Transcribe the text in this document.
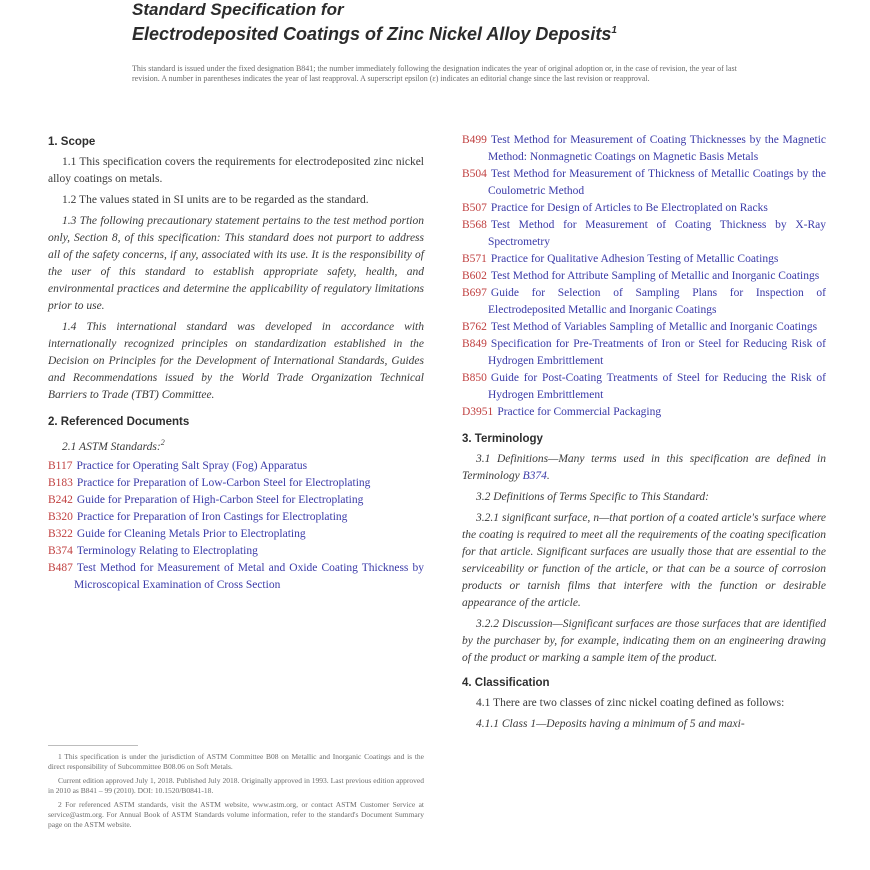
Standard Specification for
Electrodeposited Coatings of Zinc Nickel Alloy Deposits$^1$
This standard is issued under the fixed designation B841; the number immediately following the designation indicates the year of original adoption or, in the case of revision, the year of last revision. A number in parentheses indicates the year of last reapproval. A superscript epsilon (ε) indicates an editorial change since the last revision or reapproval.
1. Scope

1.1 This specification covers the requirements for electrodeposited zinc nickel alloy coatings on metals.

1.2 The values stated in SI units are to be regarded as the standard.

1.3 The following precautionary statement pertains to the test method portion only, Section 8, of this specification: This standard does not purport to address all of the safety concerns, if any, associated with its use. It is the responsibility of the user of this standard to establish appropriate safety, health, and environmental practices and determine the applicability of regulatory limitations prior to use.

1.4 This international standard was developed in accordance with internationally recognized principles on standardization established in the Decision on Principles for the Development of International Standards, Guides and Recommendations issued by the World Trade Organization Technical Barriers to Trade (TBT) Committee.

2. Referenced Documents
2.1 ASTM Standards:$^2$

B117 Practice for Operating Salt Spray (Fog) Apparatus

B183 Practice for Preparation of Low-Carbon Steel for Electroplating

B242 Guide for Preparation of High-Carbon Steel for Electroplating

B320 Practice for Preparation of Iron Castings for Electroplating

B322 Guide for Cleaning Metals Prior to Electroplating

B374 Terminology Relating to Electroplating

B487 Test Method for Measurement of Metal and Oxide Coating Thickness by Microscopical Examination of Cross Section

1 This specification is under the jurisdiction of ASTM Committee B08 on Metallic and Inorganic Coatings and is the direct responsibility of Subcommittee B08.06 on Soft Metals.

Current edition approved July 1, 2018. Published July 2018. Originally approved in 1993. Last previous edition approved in 2010 as B841 – 99 (2010). DOI: 10.1520/B0841-18.

2 For referenced ASTM standards, visit the ASTM website, www.astm.org, or contact ASTM Customer Service at service@astm.org. For Annual Book of ASTM Standards volume information, refer to the standard's Document Summary page on the ASTM website.

B499 Test Method for Measurement of Coating Thicknesses by the Magnetic Method: Nonmagnetic Coatings on Magnetic Basis Metals

B504 Test Method for Measurement of Thickness of Metallic Coatings by the Coulometric Method

B507 Practice for Design of Articles to Be Electroplated on Racks

B568 Test Method for Measurement of Coating Thickness by X-Ray Spectrometry

B571 Practice for Qualitative Adhesion Testing of Metallic Coatings

B602 Test Method for Attribute Sampling of Metallic and Inorganic Coatings

B697 Guide for Selection of Sampling Plans for Inspection of Electrodeposited Metallic and Inorganic Coatings

B762 Test Method of Variables Sampling of Metallic and Inorganic Coatings

B849 Specification for Pre-Treatments of Iron or Steel for Reducing Risk of Hydrogen Embrittlement

B850 Guide for Post-Coating Treatments of Steel for Reducing the Risk of Hydrogen Embrittlement

D3951 Practice for Commercial Packaging

3. Terminology

3.1 Definitions—Many terms used in this specification are defined in Terminology B374.

3.2 Definitions of Terms Specific to This Standard:

3.2.1 significant surface, n—that portion of a coated article's surface where the coating is required to meet all the requirements of the coating specification for that article. Significant surfaces are usually those that are essential to the serviceability or function of the article, or that can be a source of corrosion products or tarnish films that interfere with the function or desirable appearance of the article.

3.2.2 Discussion—Significant surfaces are those surfaces that are identified by the purchaser by, for example, indicating them on an engineering drawing of the product or marking a sample item of the product.

4. Classification

4.1 There are two classes of zinc nickel coating defined as follows:

4.1.1 Class 1—Deposits having a minimum of 5 and maxi-
